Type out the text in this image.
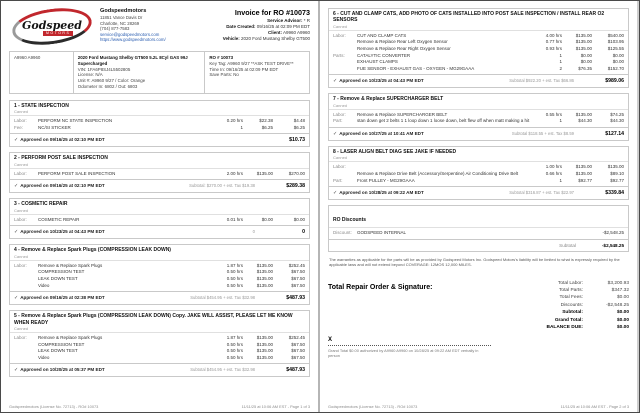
Godspeed
MOTORS
Godspeedmotors
11851 Vance Davis Dr
Charlotte, NC 28269
(704) 877-7583
service@godspeedmotors.com
https://www.godspeedmotors.com/
Invoice for RO #10073
Service Advisor: * R
Date Created: 09/16/25 at 02:09 PM EDT
Client: A9960 A9960
Vehicle: 2020 Ford Mustang Shelby GT500
A9960 A9960	2020 Ford Mustang Shelby GT500 5.2L 8Cyl GAS 99J Supercharged
VIN: 1FA6P8SJ4L5502805
License: N/A
Unit #: A9960 9/27 / Color: Orange
Odometer In: 6802 / Out: 6803
RO # 10073
Key Tag: A9960 9/27 **ASK TEST DRIVE**
Time In: 09/16/25 at 02:09 PM EDT
Save Parts: No
1 - STATE INSPECTION
Canned
Labor:	PERFORM NC STATE INSPECTION	0.20 hrs	$22.38	$4.48
Fee:	NC/SI STICKER	1	$6.25	$6.25
✓ Approved on 09/16/25 at 02:10 PM EDT	$10.73
2 - PERFORM POST SALE INSPECTION
Canned
Labor:	PERFORM POST SALE INSPECTION	2.00 hrs	$135.00	$270.00
✓ Approved on 09/16/25 at 02:10 PM EDT	Subtotal: $270.00 + est. Tax $19.38	$289.38
3 - COSMETIC REPAIR
Canned
Labor:	COSMETIC REPAIR	0.01 hrs	$0.00	$0.00
✓ Approved on 10/23/25 at 04:43 PM EDT	0	0
4 - Remove & Replace Spark Plugs (COMPRESSION LEAK DOWN)
Canned
Labor:	Remove & Replace Spark Plugs	1.87 hrs	$135.00	$252.45
COMPRESSION TEST	0.50 hrs	$135.00	$67.50
LEAK DOWN TEST	0.50 hrs	$135.00	$67.50
Video	0.50 hrs	$135.00	$67.50
✓ Approved on 09/16/25 at 02:38 PM EDT	Subtotal $454.95 + est. Tax $32.98	$487.93
5 - Remove & Replace Spark Plugs (COMPRESSION LEAK DOWN) Copy. JAKE WILL ASSIST, PLEASE LET ME KNOW WHEN READY
Canned
Labor:	Remove & Replace Spark Plugs	1.87 hrs	$135.00	$252.45
COMPRESSION TEST	0.50 hrs	$135.00	$67.50
LEAK DOWN TEST	0.50 hrs	$135.00	$67.50
Video	0.50 hrs	$135.00	$67.50
✓ Approved on 10/20/25 at 05:37 PM EDT	Subtotal $454.95 + est. Tax $32.98	$487.93
Godspeedmotors (License No. 72713) - RO# 10073	11/11/25 at 10:06 AM EST - Page 1 of 3
6 - CUT AND CLAMP CATS, ADD PHOTO OF CATS INSTALLED INTO POST SALE INSPECTION / INSTALL REAR O2 SENSORS
Canned
Labor:	CUT AND CLAMP CATS	4.00 hrs	$135.00	$540.00
Remove & Replace Rear Left Oxygen Sensor	0.77 hrs	$135.00	$103.95
Remove & Replace Rear Right Oxygen Sensor	0.93 hrs	$135.00	$125.55
Parts:	CATALYTIC CONVERTER	1	$0.00	$0.00
EXHAUST CLAMPS	1	$0.00	$0.00
FUE SENSOR - EXHAUST GAS - OXYGEN - MG29GAAA	2	$76.35	$152.70
✓ Approved on 10/23/25 at 04:43 PM EDT	Subtotal $922.20 + est. Tax $66.86	$989.06
7 - Remove & Replace SUPERCHARGER BELT
Canned
Labor:	Remove & Replace SUPERCHARGER BELT	0.55 hrs	$135.00	$74.25
Part:	stan down get 2 belts 1 1 loop down 1 loose down, belt flew off when matt making a hit	1	$44.30	$44.30
✓ Approved on 10/27/25 at 10:41 AM EDT	Subtotal $118.55 + est. Tax $8.59	$127.14
8 - LASER ALIGN BELT DIAG SEE JAKE IF NEEDED
Canned
Labor:	1.00 hrs	$135.00	$135.00
Remove & Replace Drive Belt (Accessory/Serpentine) Air Conditioning Drive Belt	0.66 hrs	$135.00	$89.10
Part:	Front PULLEY - MG29GAAA	1	$92.77	$92.77
✓ Approved on 10/28/25 at 09:22 AM EDT	Subtotal $316.87 + est. Tax $22.97	$339.84
RO Discounts
Discount:	GODSPEED INTERNAL	-$2,548.25
Subtotal	-$2,548.25
The warranties as applicable for the parts will be as provided by Godspeed Motors Inc. Godspeed Motors's liability will be limited to what is expressly required by the applicable laws and will not extend beyond COVERAGE: 12MOS 12,000 MILES.
Total Repair Order & Signature:
X
Grand Total $0.00 authorized by A9960 A9960 on 10/28/25 at 09:22 AM EDT verbally in person
Total Labor:	$3,200.93
Total Parts:	$347.32
Total Fees:	$0.00
Discounts:	-$2,548.25
Subtotal:	$0.00
Grand Total:	$0.00
BALANCE DUE:	$0.00
Godspeedmotors (License No. 72713) - RO# 10073	11/11/25 at 10:06 AM EST - Page 2 of 3
